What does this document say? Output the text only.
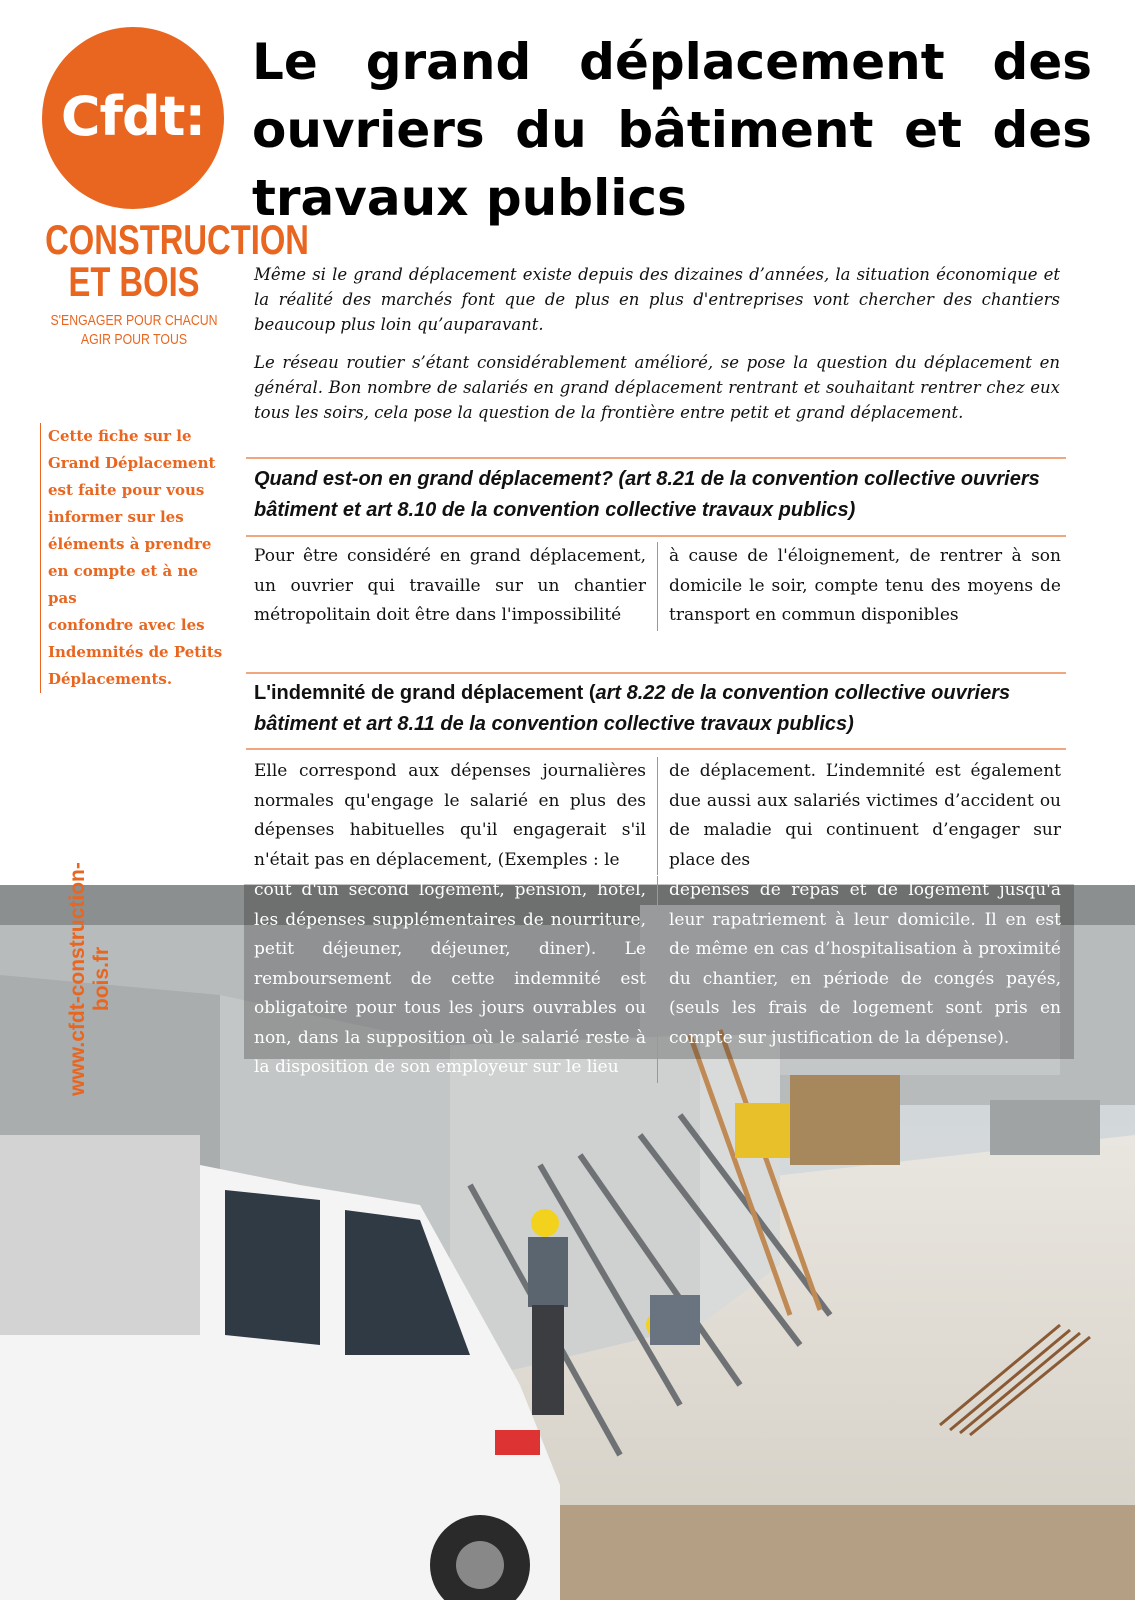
Cfdt:
CONSTRUCTION
ET BOIS
S'ENGAGER POUR CHACUN
AGIR POUR TOUS
Cette fiche sur le
Grand Déplacement
est faite pour vous
informer sur les
éléments à prendre
en compte et à ne pas
confondre avec les
Indemnités de Petits
Déplacements.
www.cfdt-construction-bois.fr
Le grand déplacement des ouvriers du bâtiment et des travaux publics
Même si le grand déplacement existe depuis des dizaines d’années, la situation économique et la réalité des marchés font que de plus en plus d'entreprises vont chercher des chantiers beaucoup plus loin qu’auparavant.
Le réseau routier s’étant considérablement amélioré, se pose la question du déplacement en général. Bon nombre de salariés en grand déplacement rentrant et souhaitant rentrer chez eux tous les soirs, cela pose la question de la frontière entre petit et grand déplacement.
Quand est-on en grand déplacement? (art 8.21 de la convention collective ouvriers bâtiment et art 8.10 de la convention collective travaux publics)
Pour être considéré en grand déplacement, un ouvrier qui travaille sur un chantier métropolitain doit être dans l'impossibilité
à cause de l'éloignement, de rentrer à son domicile le soir, compte tenu des moyens de transport en commun disponibles
L'indemnité de grand déplacement (art 8.22 de la convention collective ouvriers bâtiment et art 8.11 de la convention collective travaux publics)
Elle correspond aux dépenses journalières normales qu'engage le salarié en plus des dépenses habituelles qu'il engagerait s'il n'était pas en déplacement, (Exemples : le
de déplacement. L’indemnité est également due aussi aux salariés victimes d’accident ou de maladie qui continuent d’engager sur place des
coût d'un second logement, pension, hôtel, les dépenses supplémentaires de nourriture, petit déjeuner, déjeuner, diner). Le remboursement de cette indemnité est obligatoire pour tous les jours ouvrables ou non, dans la supposition où le salarié reste à la disposition de son employeur sur le lieu
dépenses de repas et de logement jusqu'à leur rapatriement à leur domicile. Il en est de même en cas d’hospitalisation à proximité du chantier, en période de congés payés, (seuls les frais de logement sont pris en compte sur justification de la dépense).
